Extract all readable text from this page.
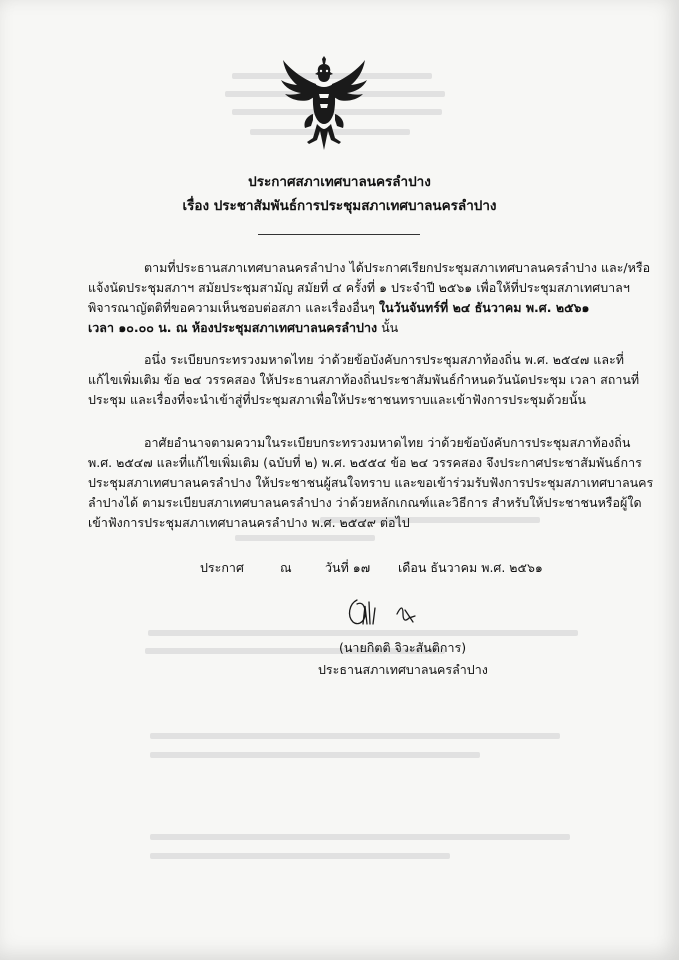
ประกาศสภาเทศบาลนครลำปาง
เรื่อง ประชาสัมพันธ์การประชุมสภาเทศบาลนครลำปาง
ตามที่ประธานสภาเทศบาลนครลำปาง ได้ประกาศเรียกประชุมสภาเทศบาลนครลำปาง และ/หรือ
แจ้งนัดประชุมสภาฯ สมัยประชุมสามัญ สมัยที่ ๔ ครั้งที่ ๑ ประจำปี ๒๕๖๑ เพื่อให้ที่ประชุมสภาเทศบาลฯ
พิจารณาญัตติที่ขอความเห็นชอบต่อสภา และเรื่องอื่นๆ ในวันจันทร์ที่ ๒๔ ธันวาคม พ.ศ. ๒๕๖๑
เวลา ๑๐.๐๐ น. ณ ห้องประชุมสภาเทศบาลนครลำปาง นั้น
อนึ่ง ระเบียบกระทรวงมหาดไทย ว่าด้วยข้อบังคับการประชุมสภาท้องถิ่น พ.ศ. ๒๕๔๗ และที่
แก้ไขเพิ่มเติม ข้อ ๒๔ วรรคสอง ให้ประธานสภาท้องถิ่นประชาสัมพันธ์กำหนดวันนัดประชุม เวลา สถานที่
ประชุม และเรื่องที่จะนำเข้าสู่ที่ประชุมสภาเพื่อให้ประชาชนทราบและเข้าฟังการประชุมด้วยนั้น
อาศัยอำนาจตามความในระเบียบกระทรวงมหาดไทย ว่าด้วยข้อบังคับการประชุมสภาท้องถิ่น
พ.ศ. ๒๕๔๗ และที่แก้ไขเพิ่มเติม (ฉบับที่ ๒) พ.ศ. ๒๕๕๔ ข้อ ๒๔ วรรคสอง จึงประกาศประชาสัมพันธ์การ
ประชุมสภาเทศบาลนครลำปาง ให้ประชาชนผู้สนใจทราบ และขอเข้าร่วมรับฟังการประชุมสภาเทศบาลนคร
ลำปางได้ ตามระเบียบสภาเทศบาลนครลำปาง ว่าด้วยหลักเกณฑ์และวิธีการ สำหรับให้ประชาชนหรือผู้ใด
เข้าฟังการประชุมสภาเทศบาลนครลำปาง พ.ศ. ๒๕๔๙ ต่อไป
ประกาศ	ณ	วันที่ ๑๗ เดือน ธันวาคม พ.ศ. ๒๕๖๑
(นายกิตติ จิวะสันติการ)
ประธานสภาเทศบาลนครลำปาง
